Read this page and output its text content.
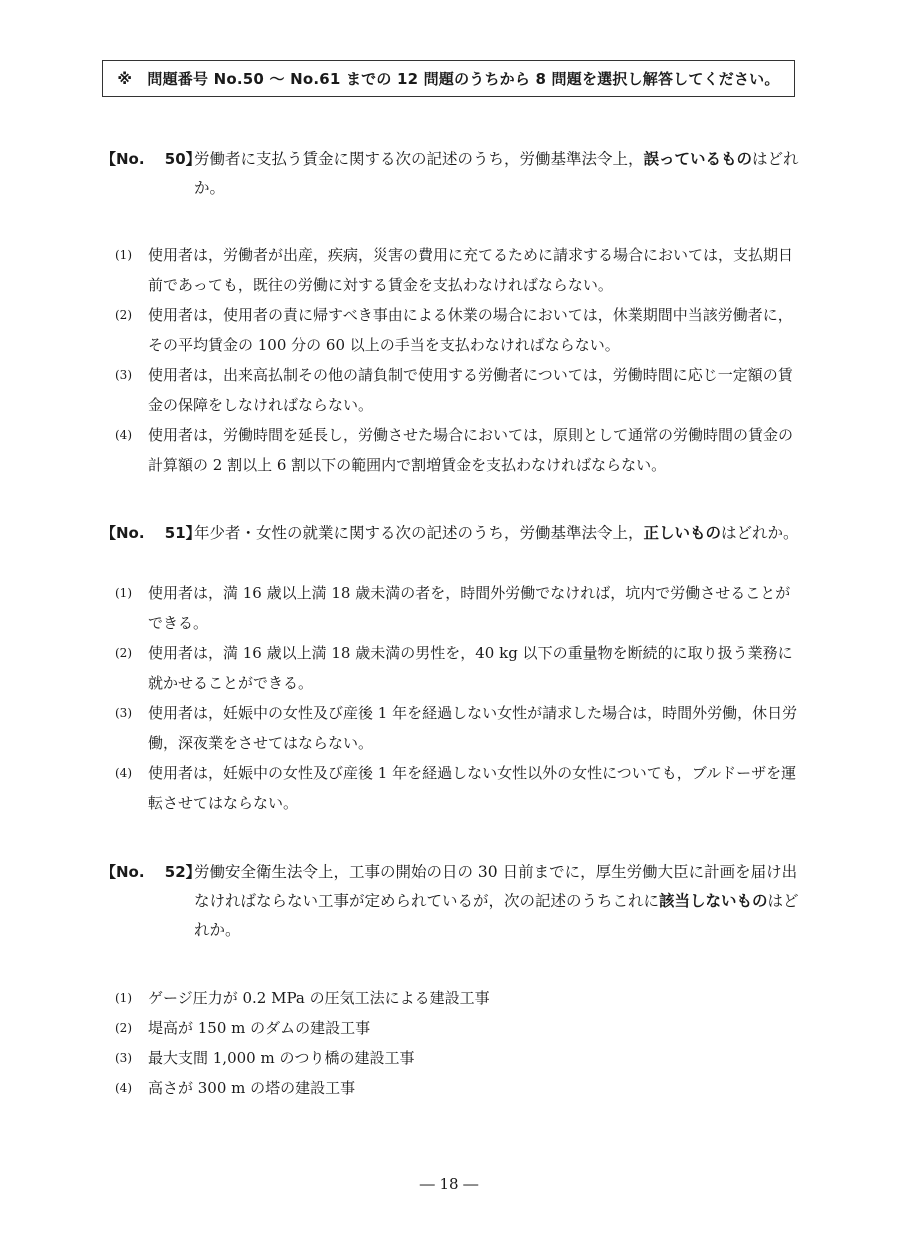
※　問題番号 No.50 ～ No.61 までの 12 問題のうちから 8 問題を選択し解答してください。
【No.　 50】
労働者に支払う賃金に関する次の記述のうち，労働基準法令上，誤っているものはどれか。
(1)	使用者は，労働者が出産，疾病，災害の費用に充てるために請求する場合においては，支払期日前であっても，既往の労働に対する賃金を支払わなければならない。
(2)	使用者は，使用者の責に帰すべき事由による休業の場合においては，休業期間中当該労働者に，その平均賃金の 100 分の 60 以上の手当を支払わなければならない。
(3)	使用者は，出来高払制その他の請負制で使用する労働者については，労働時間に応じ一定額の賃金の保障をしなければならない。
(4)	使用者は，労働時間を延長し，労働させた場合においては，原則として通常の労働時間の賃金の計算額の 2 割以上 6 割以下の範囲内で割増賃金を支払わなければならない。
【No.　 51】
年少者・女性の就業に関する次の記述のうち，労働基準法令上，正しいものはどれか。
(1)	使用者は，満 16 歳以上満 18 歳未満の者を，時間外労働でなければ，坑内で労働させることができる。
(2)	使用者は，満 16 歳以上満 18 歳未満の男性を，40 kg 以下の重量物を断続的に取り扱う業務に就かせることができる。
(3)	使用者は，妊娠中の女性及び産後 1 年を経過しない女性が請求した場合は，時間外労働，休日労働，深夜業をさせてはならない。
(4)	使用者は，妊娠中の女性及び産後 1 年を経過しない女性以外の女性についても，ブルドーザを運転させてはならない。
【No.　 52】
労働安全衛生法令上，工事の開始の日の 30 日前までに，厚生労働大臣に計画を届け出なければならない工事が定められているが，次の記述のうちこれに該当しないものはどれか。
(1)	ゲージ圧力が 0.2 MPa の圧気工法による建設工事
(2)	堤高が 150 m のダムの建設工事
(3)	最大支間 1,000 m のつり橋の建設工事
(4)	高さが 300 m の塔の建設工事
― 18 ―
